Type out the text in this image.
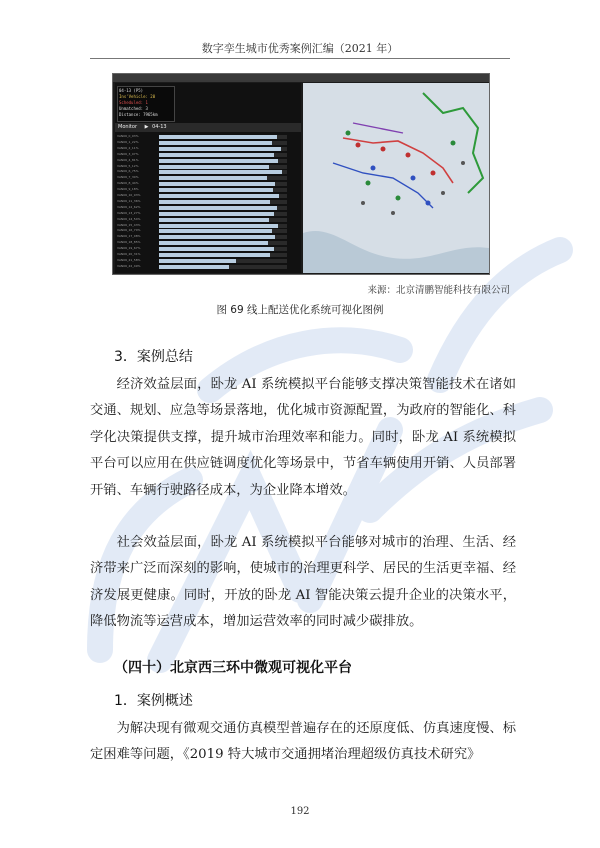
数字孪生城市优秀案例汇编（2021 年）
04-13 (P5)
Ins'Vehicle: 20
Scheduled: 1
Unmatched: 3
Distance: 7965km
Monitor ▶ 04-13
VAN06_0_03%
VAN06_1_22%
VAN06_2_11%
VAN06_3_07%
VAN06_4_81%
VAN06_5_12%
VAN06_6_75%
VAN06_7_30%
VAN06_8_44%
VAN06_9_18%
VAN06_10_93%
VAN06_11_36%
VAN06_12_62%
VAN06_13_27%
VAN06_14_54%
VAN06_15_43%
VAN06_16_70%
VAN06_17_08%
VAN06_18_85%
VAN06_19_67%
VAN06_20_31%
VAN06_21_58%
VAN06_22_49%
来源：北京清鹏智能科技有限公司
图 69 线上配送优化系统可视化图例
3．案例总结
经济效益层面，卧龙 AI 系统模拟平台能够支撑决策智能技术在诸如交通、规划、应急等场景落地，优化城市资源配置，为政府的智能化、科学化决策提供支撑，提升城市治理效率和能力。同时，卧龙 AI 系统模拟平台可以应用在供应链调度优化等场景中，节省车辆使用开销、人员部署开销、车辆行驶路径成本，为企业降本增效。
社会效益层面，卧龙 AI 系统模拟平台能够对城市的治理、生活、经济带来广泛而深刻的影响，使城市的治理更科学、居民的生活更幸福、经济发展更健康。同时，开放的卧龙 AI 智能决策云提升企业的决策水平，降低物流等运营成本，增加运营效率的同时减少碳排放。
（四十）北京西三环中微观可视化平台
1．案例概述
为解决现有微观交通仿真模型普遍存在的还原度低、仿真速度慢、标定困难等问题，《2019 特大城市交通拥堵治理超级仿真技术研究》
192
